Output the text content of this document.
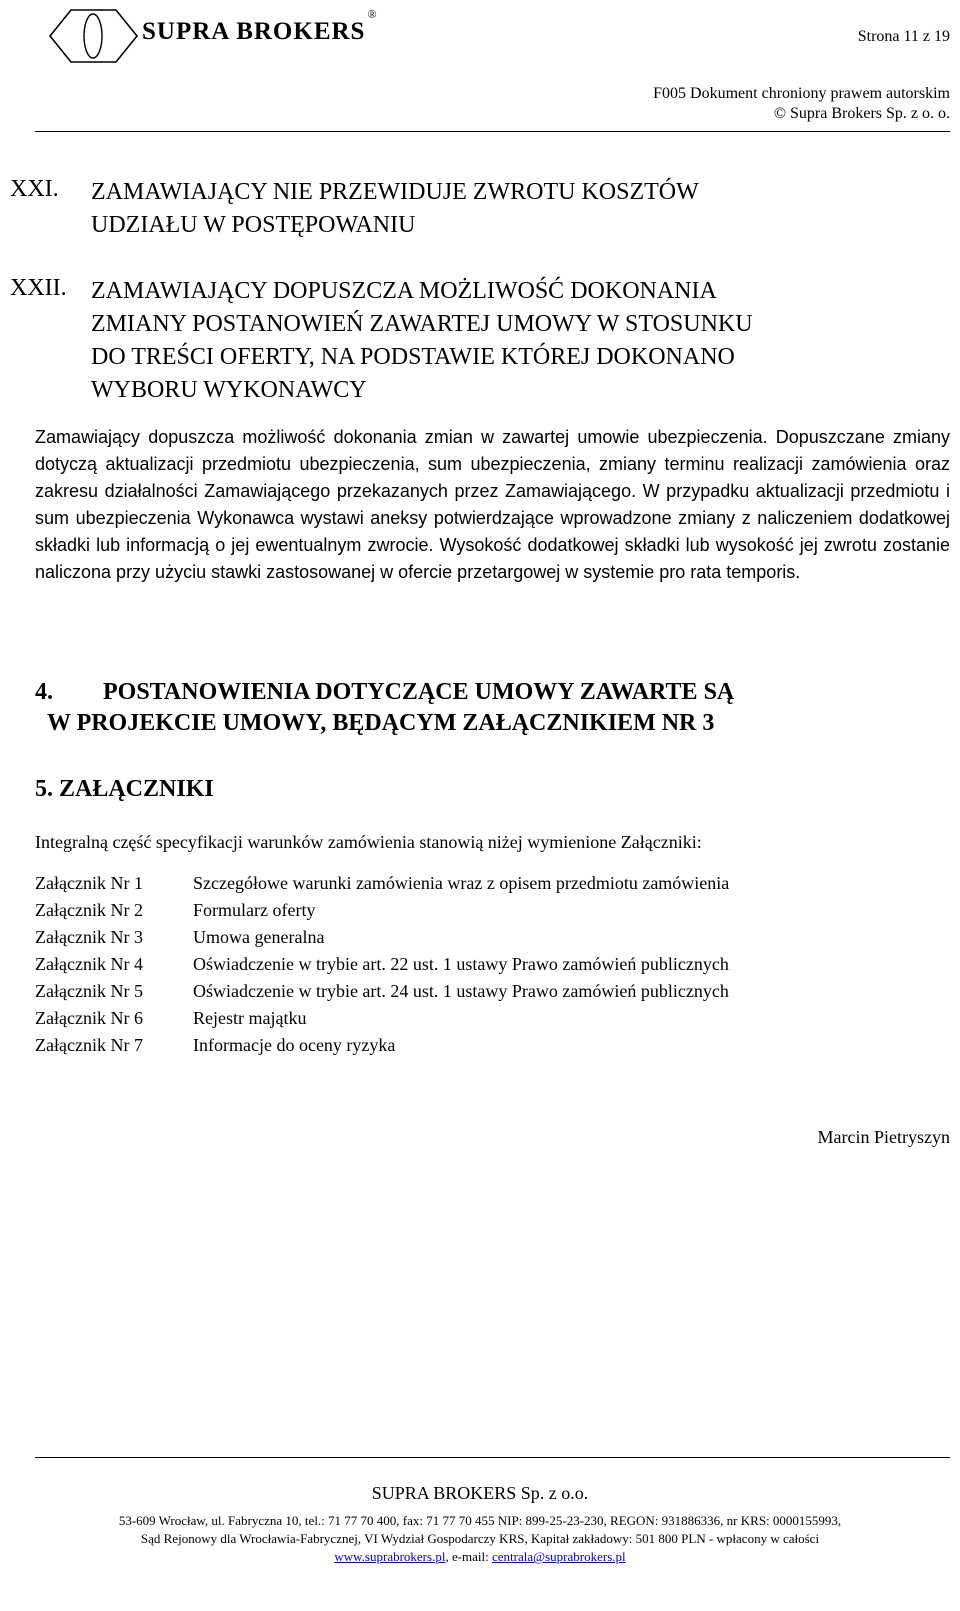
SUPRA BROKERS®
Strona 11 z 19
F005 Dokument chroniony prawem autorskim
© Supra Brokers Sp. z o. o.
XXI. ZAMAWIAJĄCY NIE PRZEWIDUJE ZWROTU KOSZTÓW
UDZIAŁU W POSTĘPOWANIU
XXII. ZAMAWIAJĄCY DOPUSZCZA MOŻLIWOŚĆ DOKONANIA
ZMIANY POSTANOWIEŃ ZAWARTEJ UMOWY W STOSUNKU
DO TREŚCI OFERTY, NA PODSTAWIE KTÓREJ DOKONANO
WYBORU WYKONAWCY
Zamawiający dopuszcza możliwość dokonania zmian w zawartej umowie ubezpieczenia. Dopuszczane zmiany dotyczą aktualizacji przedmiotu ubezpieczenia, sum ubezpieczenia, zmiany terminu realizacji zamówienia oraz zakresu działalności Zamawiającego przekazanych przez Zamawiającego. W przypadku aktualizacji przedmiotu i sum ubezpieczenia Wykonawca wystawi aneksy potwierdzające wprowadzone zmiany z naliczeniem dodatkowej składki lub informacją o jej ewentualnym zwrocie. Wysokość dodatkowej składki lub wysokość jej zwrotu zostanie naliczona przy użyciu stawki zastosowanej w ofercie przetargowej w systemie pro rata temporis.
4. POSTANOWIENIA DOTYCZĄCE UMOWY ZAWARTE SĄ
W PROJEKCIE UMOWY, BĘDĄCYM ZAŁĄCZNIKIEM NR 3
5. ZAŁĄCZNIKI
Integralną część specyfikacji warunków zamówienia stanowią niżej wymienione Załączniki:
Załącznik Nr 1	Szczegółowe warunki zamówienia wraz z opisem przedmiotu zamówienia
Załącznik Nr 2	Formularz oferty
Załącznik Nr 3	Umowa generalna
Załącznik Nr 4	Oświadczenie w trybie art. 22 ust. 1 ustawy Prawo zamówień publicznych
Załącznik Nr 5	Oświadczenie w trybie art. 24 ust. 1 ustawy Prawo zamówień publicznych
Załącznik Nr 6	Rejestr majątku
Załącznik Nr 7	Informacje do oceny ryzyka
Marcin Pietryszyn
SUPRA BROKERS Sp. z o.o.
53-609 Wrocław, ul. Fabryczna 10, tel.: 71 77 70 400, fax: 71 77 70 455 NIP: 899-25-23-230, REGON: 931886336, nr KRS: 0000155993,
Sąd Rejonowy dla Wrocławia-Fabrycznej, VI Wydział Gospodarczy KRS, Kapitał zakładowy: 501 800 PLN - wpłacony w całości
www.suprabrokers.pl, e-mail: centrala@suprabrokers.pl
